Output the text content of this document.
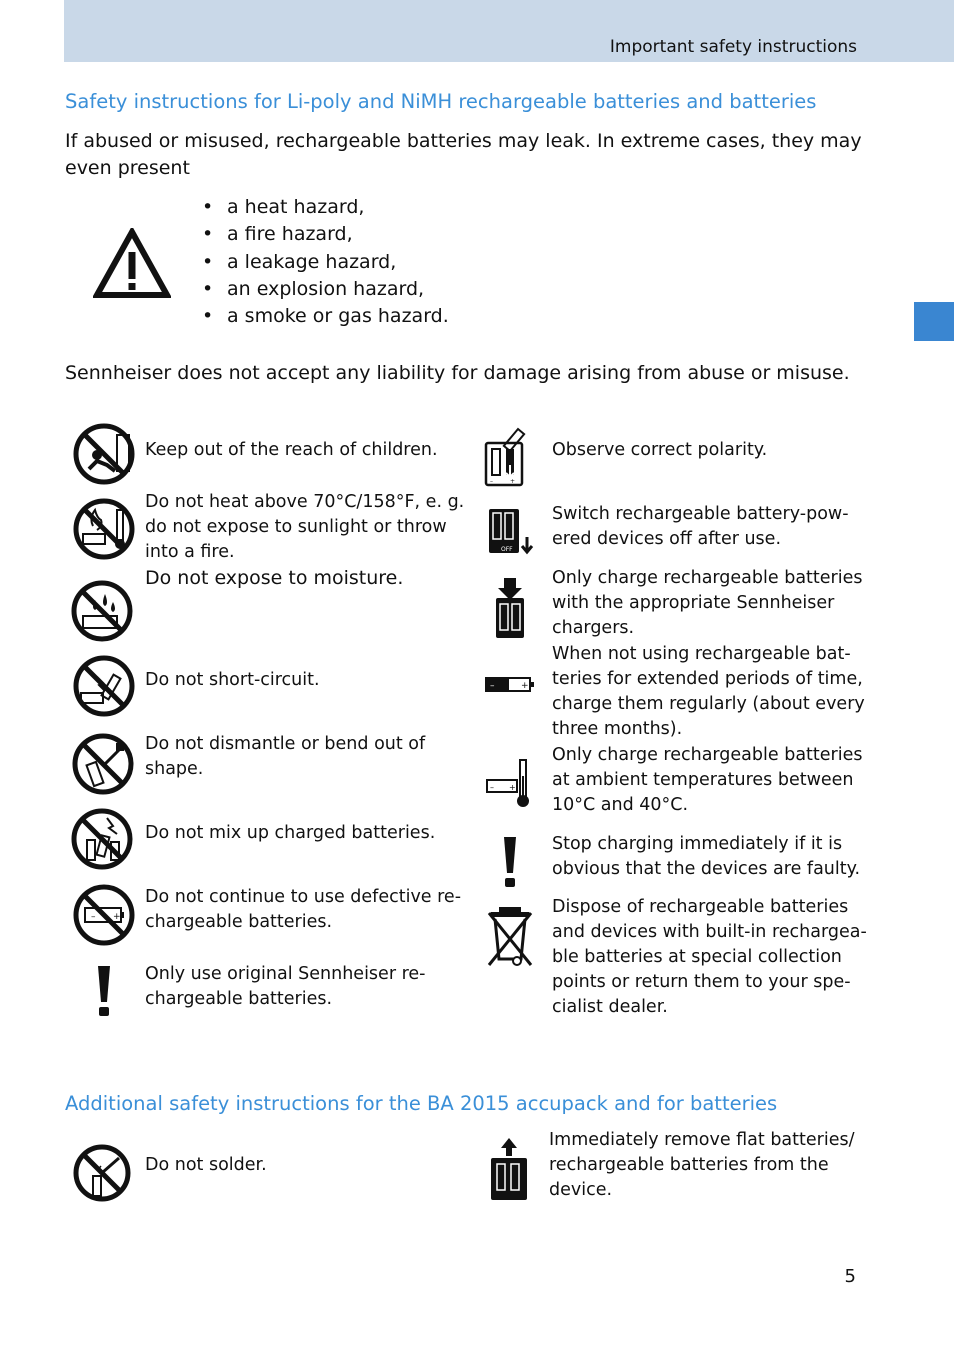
Important safety instructions
Safety instructions for Li-poly and NiMH rechargeable batteries and batteries

If abused or misused, rechargeable batteries may leak. In extreme cases, they may

even present

• a heat hazard,
• a fire hazard,
• a leakage hazard,
• an explosion hazard,
• a smoke or gas hazard.

Sennheiser does not accept any liability for damage arising from abuse or misuse.

– +
Keep out of the reach of children.
Do not heat above 70°C/158°F, e. g.
do not expose to sunlight or throw
into a fire.
Do not expose to moisture.
Do not short-circuit.
Do not dismantle or bend out of
shape.
Do not mix up charged batteries.
Do not continue to use defective re-
chargeable batteries.
Only use original Sennheiser re-
chargeable batteries.
–	+
OFF
–	+
– +
Observe correct polarity.
Switch rechargeable battery-pow-
ered devices off after use.
Only charge rechargeable batteries
with the appropriate Sennheiser
chargers.
When not using rechargeable bat-
teries for extended periods of time,
charge them regularly (about every
three months).
Only charge rechargeable batteries
at ambient temperatures between
10°C and 40°C.
Stop charging immediately if it is
obvious that the devices are faulty.
Dispose of rechargeable batteries
and devices with built-in rechargea-
ble batteries at special collection
points or return them to your spe-
cialist dealer.
Additional safety instructions for the BA 2015 accupack and for batteries
Do not solder.
Immediately remove flat batteries/
rechargeable batteries from the
device.
5
